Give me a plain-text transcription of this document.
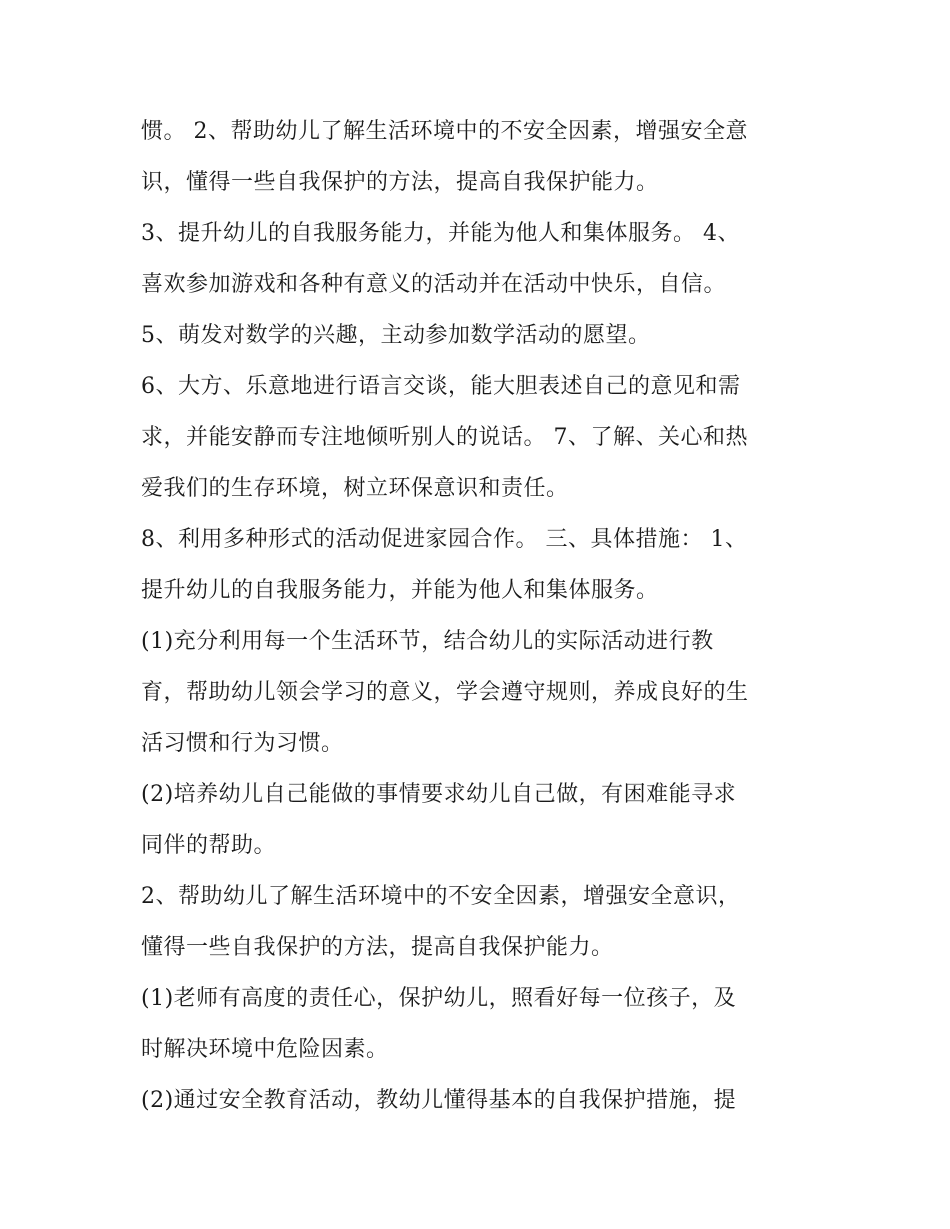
惯。 2、帮助幼儿了解生活环境中的不安全因素，增强安全意
识，懂得一些自我保护的方法，提高自我保护能力。
3、提升幼儿的自我服务能力，并能为他人和集体服务。 4、
喜欢参加游戏和各种有意义的活动并在活动中快乐，自信。
5、萌发对数学的兴趣，主动参加数学活动的愿望。
6、大方、乐意地进行语言交谈，能大胆表述自己的意见和需
求，并能安静而专注地倾听别人的说话。 7、了解、关心和热
爱我们的生存环境，树立环保意识和责任。
8、利用多种形式的活动促进家园合作。 三、具体措施： 1、
提升幼儿的自我服务能力，并能为他人和集体服务。
(1)充分利用每一个生活环节，结合幼儿的实际活动进行教
育，帮助幼儿领会学习的意义，学会遵守规则，养成良好的生
活习惯和行为习惯。
(2)培养幼儿自己能做的事情要求幼儿自己做，有困难能寻求
同伴的帮助。
2、帮助幼儿了解生活环境中的不安全因素，增强安全意识，
懂得一些自我保护的方法，提高自我保护能力。
(1)老师有高度的责任心，保护幼儿，照看好每一位孩子，及
时解决环境中危险因素。
(2)通过安全教育活动，教幼儿懂得基本的自我保护措施，提
